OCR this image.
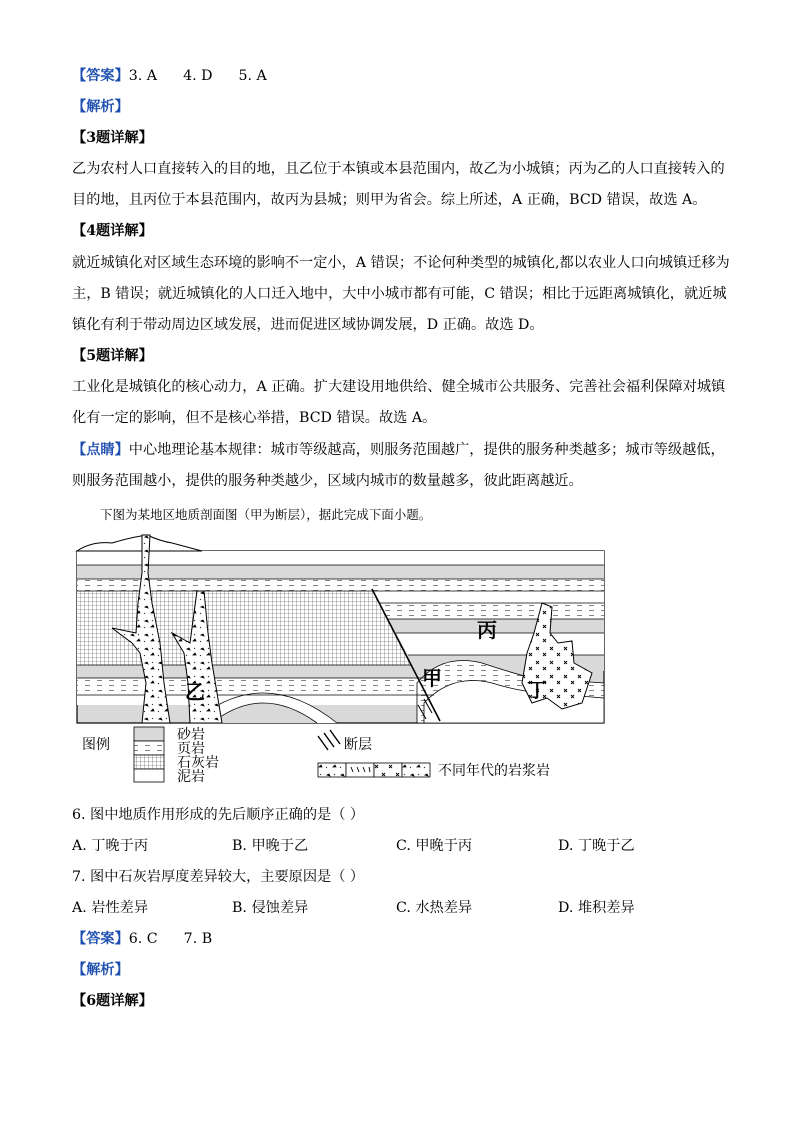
【答案】3. A 4. D 5. A
【解析】
【3题详解】
乙为农村人口直接转入的目的地，且乙位于本镇或本县范围内，故乙为小城镇；丙为乙的人口直接转入的
目的地，且丙位于本县范围内，故丙为县城；则甲为省会。综上所述，A 正确，BCD 错误，故选 A。
【4题详解】
就近城镇化对区域生态环境的影响不一定小，A 错误；不论何种类型的城镇化,都以农业人口向城镇迁移为
主，B 错误；就近城镇化的人口迁入地中，大中小城市都有可能，C 错误；相比于远距离城镇化，就近城
镇化有利于带动周边区域发展，进而促进区域协调发展，D 正确。故选 D。
【5题详解】
工业化是城镇化的核心动力，A 正确。扩大建设用地供给、健全城市公共服务、完善社会福利保障对城镇
化有一定的影响，但不是核心举措，BCD 错误。故选 A。
【点睛】中心地理论基本规律：城市等级越高，则服务范围越广，提供的服务种类越多；城市等级越低，
则服务范围越小，提供的服务种类越少，区域内城市的数量越多，彼此距离越近。
下图为某地区地质剖面图（甲为断层），据此完成下面小题。
丙
甲
乙	丁
图例
砂岩
页岩
石灰岩
泥岩
断层
不同年代的岩浆岩
6. 图中地质作用形成的先后顺序正确的是（ ）
A. 丁晚于丙	B. 甲晚于乙	C. 甲晚于丙	D. 丁晚于乙
7. 图中石灰岩厚度差异较大，主要原因是（ ）
A. 岩性差异	B. 侵蚀差异	C. 水热差异	D. 堆积差异
【答案】6. C 7. B
【解析】
【6题详解】
